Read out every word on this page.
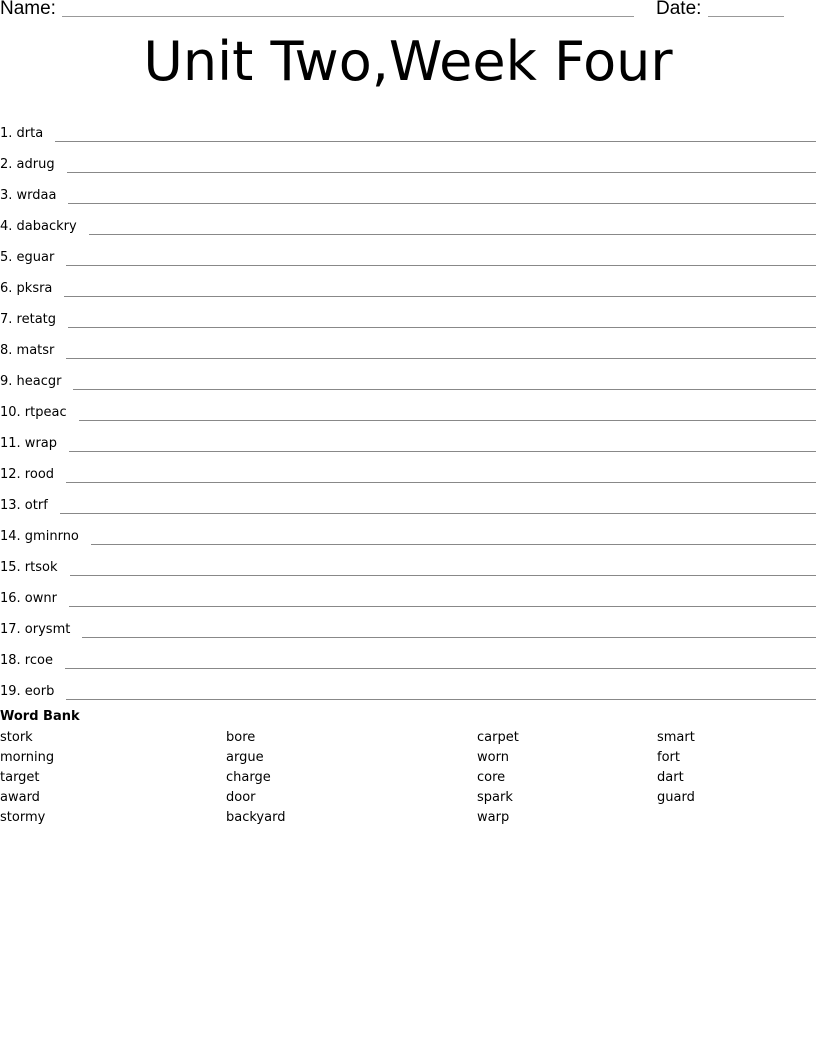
Name:	Date:
Unit Two,Week Four
1. drta
2. adrug
3. wrdaa
4. dabackry
5. eguar
6. pksra
7. retatg
8. matsr
9. heacgr
10. rtpeac
11. wrap
12. rood
13. otrf
14. gminrno
15. rtsok
16. ownr
17. orysmt
18. rcoe
19. eorb
Word Bank
stork
morning
target
award
stormy
bore
argue
charge
door
backyard
carpet
worn
core
spark
warp
smart
fort
dart
guard
